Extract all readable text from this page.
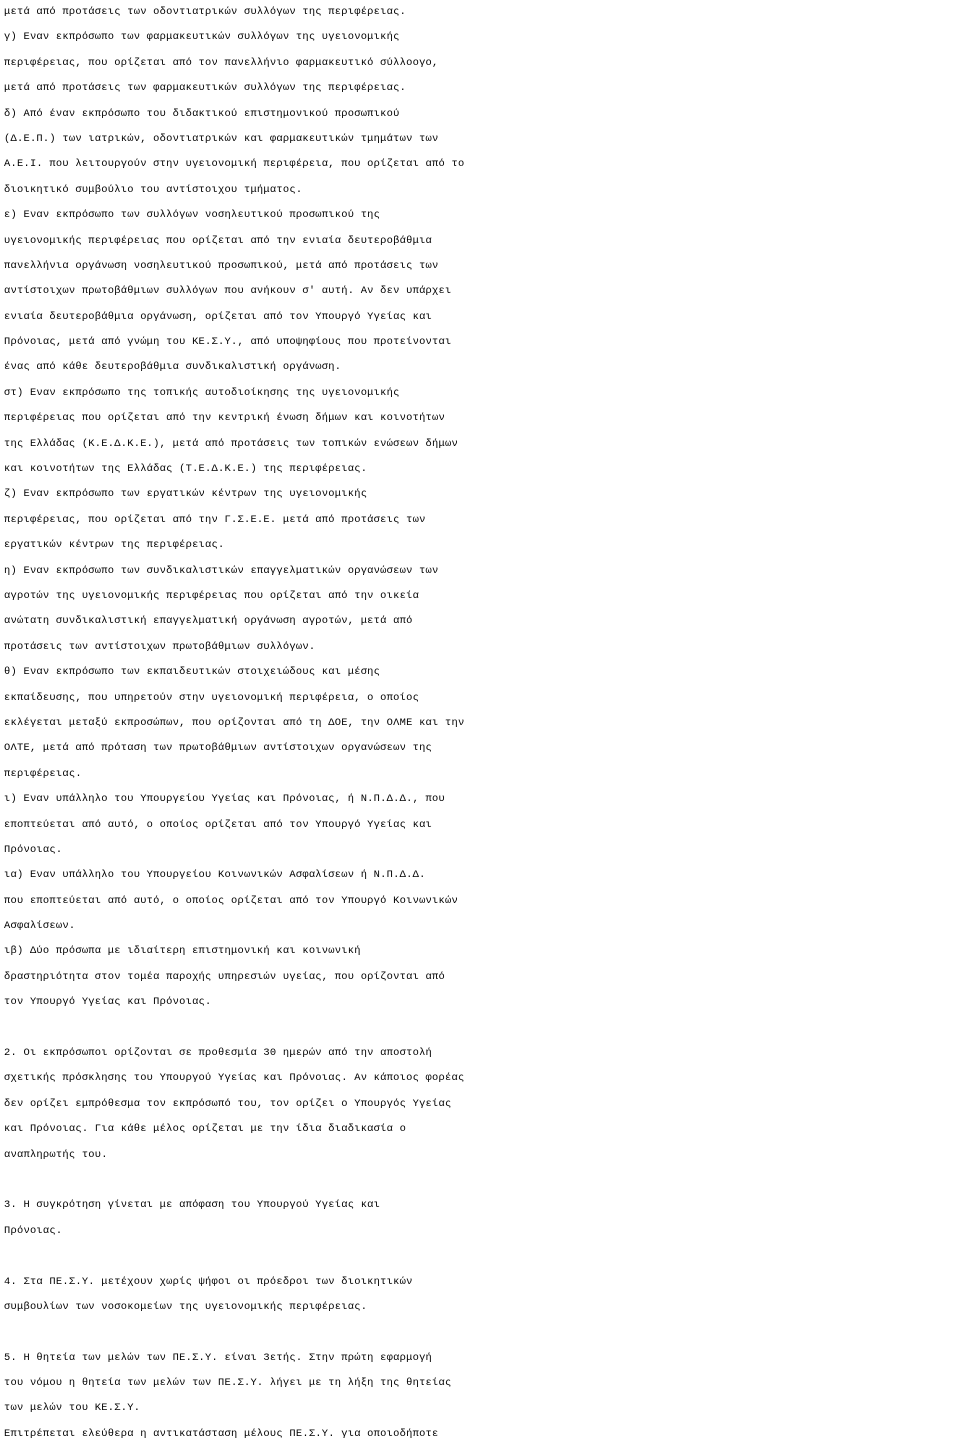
μετά από προτάσεις των οδοντιατρικών συλλόγων της περιφέρειας.
γ) Εναν εκπρόσωπο των φαρμακευτικών συλλόγων της υγειονομικής
περιφέρειας, που ορίζεται από τον πανελλήνιο φαρμακευτικό σύλλοογο,
μετά από προτάσεις των φαρμακευτικών συλλόγων της περιφέρειας.
δ) Από έναν εκπρόσωπο του διδακτικού επιστημονικού προσωπικού
(Δ.Ε.Π.) των ιατρικών, οδοντιατρικών και φαρμακευτικών τμημάτων των
Α.Ε.Ι. που λειτουργούν στην υγειονομική περιφέρεια, που ορίζεται από το
διοικητικό συμβούλιο του αντίστοιχου τμήματος.
ε) Εναν εκπρόσωπο των συλλόγων νοσηλευτικού προσωπικού της
υγειονομικής περιφέρειας που ορίζεται από την ενιαία δευτεροβάθμια
πανελλήνια οργάνωση νοσηλευτικού προσωπικού, μετά από προτάσεις των
αντίστοιχων πρωτοβάθμιων συλλόγων που ανήκουν σ' αυτή. Αν δεν υπάρχει
ενιαία δευτεροβάθμια οργάνωση, ορίζεται από τον Υπουργό Υγείας και
Πρόνοιας, μετά από γνώμη του ΚΕ.Σ.Υ., από υποψηφίους που προτείνονται
ένας από κάθε δευτεροβάθμια συνδικαλιστική οργάνωση.
στ) Εναν εκπρόσωπο της τοπικής αυτοδιοίκησης της υγειονομικής
περιφέρειας που ορίζεται από την κεντρική ένωση δήμων και κοινοτήτων
της Ελλάδας (Κ.Ε.Δ.Κ.Ε.), μετά από προτάσεις των τοπικών ενώσεων δήμων
και κοινοτήτων της Ελλάδας (Τ.Ε.Δ.Κ.Ε.) της περιφέρειας.
ζ) Εναν εκπρόσωπο των εργατικών κέντρων της υγειονομικής
περιφέρειας, που ορίζεται από την Γ.Σ.Ε.Ε. μετά από προτάσεις των
εργατικών κέντρων της περιφέρειας.
η) Εναν εκπρόσωπο των συνδικαλιστικών επαγγελματικών οργανώσεων των
αγροτών της υγειονομικής περιφέρειας που ορίζεται από την οικεία
ανώτατη συνδικαλιστική επαγγελματική οργάνωση αγροτών, μετά από
προτάσεις των αντίστοιχων πρωτοβάθμιων συλλόγων.
θ) Εναν εκπρόσωπο των εκπαιδευτικών στοιχειώδους και μέσης
εκπαίδευσης, που υπηρετούν στην υγειονομική περιφέρεια, ο οποίος
εκλέγεται μεταξύ εκπροσώπων, που ορίζονται από τη ΔΟΕ, την ΟΛΜΕ και την
ΟΛΤΕ, μετά από πρόταση των πρωτοβάθμιων αντίστοιχων οργανώσεων της
περιφέρειας.
ι) Εναν υπάλληλο του Υπουργείου Υγείας και Πρόνοιας, ή Ν.Π.Δ.Δ., που
εποπτεύεται από αυτό, ο οποίος ορίζεται από τον Υπουργό Υγείας και
Πρόνοιας.
ια) Εναν υπάλληλο του Υπουργείου Κοινωνικών Ασφαλίσεων ή Ν.Π.Δ.Δ.
που εποπτεύεται από αυτό, ο οποίος ορίζεται από τον Υπουργό Κοινωνικών
Ασφαλίσεων.
ιβ) Δύο πρόσωπα με ιδιαίτερη επιστημονική και κοινωνική
δραστηριότητα στον τομέα παροχής υπηρεσιών υγείας, που ορίζονται από
τον Υπουργό Υγείας και Πρόνοιας.
2. Οι εκπρόσωποι ορίζονται σε προθεσμία 30 ημερών από την αποστολή
σχετικής πρόσκλησης του Υπουργού Υγείας και Πρόνοιας. Αν κάποιος φορέας
δεν ορίζει εμπρόθεσμα τον εκπρόσωπό του, τον ορίζει ο Υπουργός Υγείας
και Πρόνοιας. Για κάθε μέλος ορίζεται με την ίδια διαδικασία ο
αναπληρωτής του.
3. Η συγκρότηση γίνεται με απόφαση του Υπουργού Υγείας και
Πρόνοιας.
4. Στα ΠΕ.Σ.Υ. μετέχουν χωρίς ψήφοι οι πρόεδροι των διοικητικών
συμβουλίων των νοσοκομείων της υγειονομικής περιφέρειας.
5. Η θητεία των μελών των ΠΕ.Σ.Υ. είναι 3ετής. Στην πρώτη εφαρμογή
του νόμου η θητεία των μελών των ΠΕ.Σ.Υ. λήγει με τη λήξη της θητείας
των μελών του ΚΕ.Σ.Υ.
Επιτρέπεται ελεύθερα η αντικατάσταση μέλους ΠΕ.Σ.Υ. για οποιοδήποτε
